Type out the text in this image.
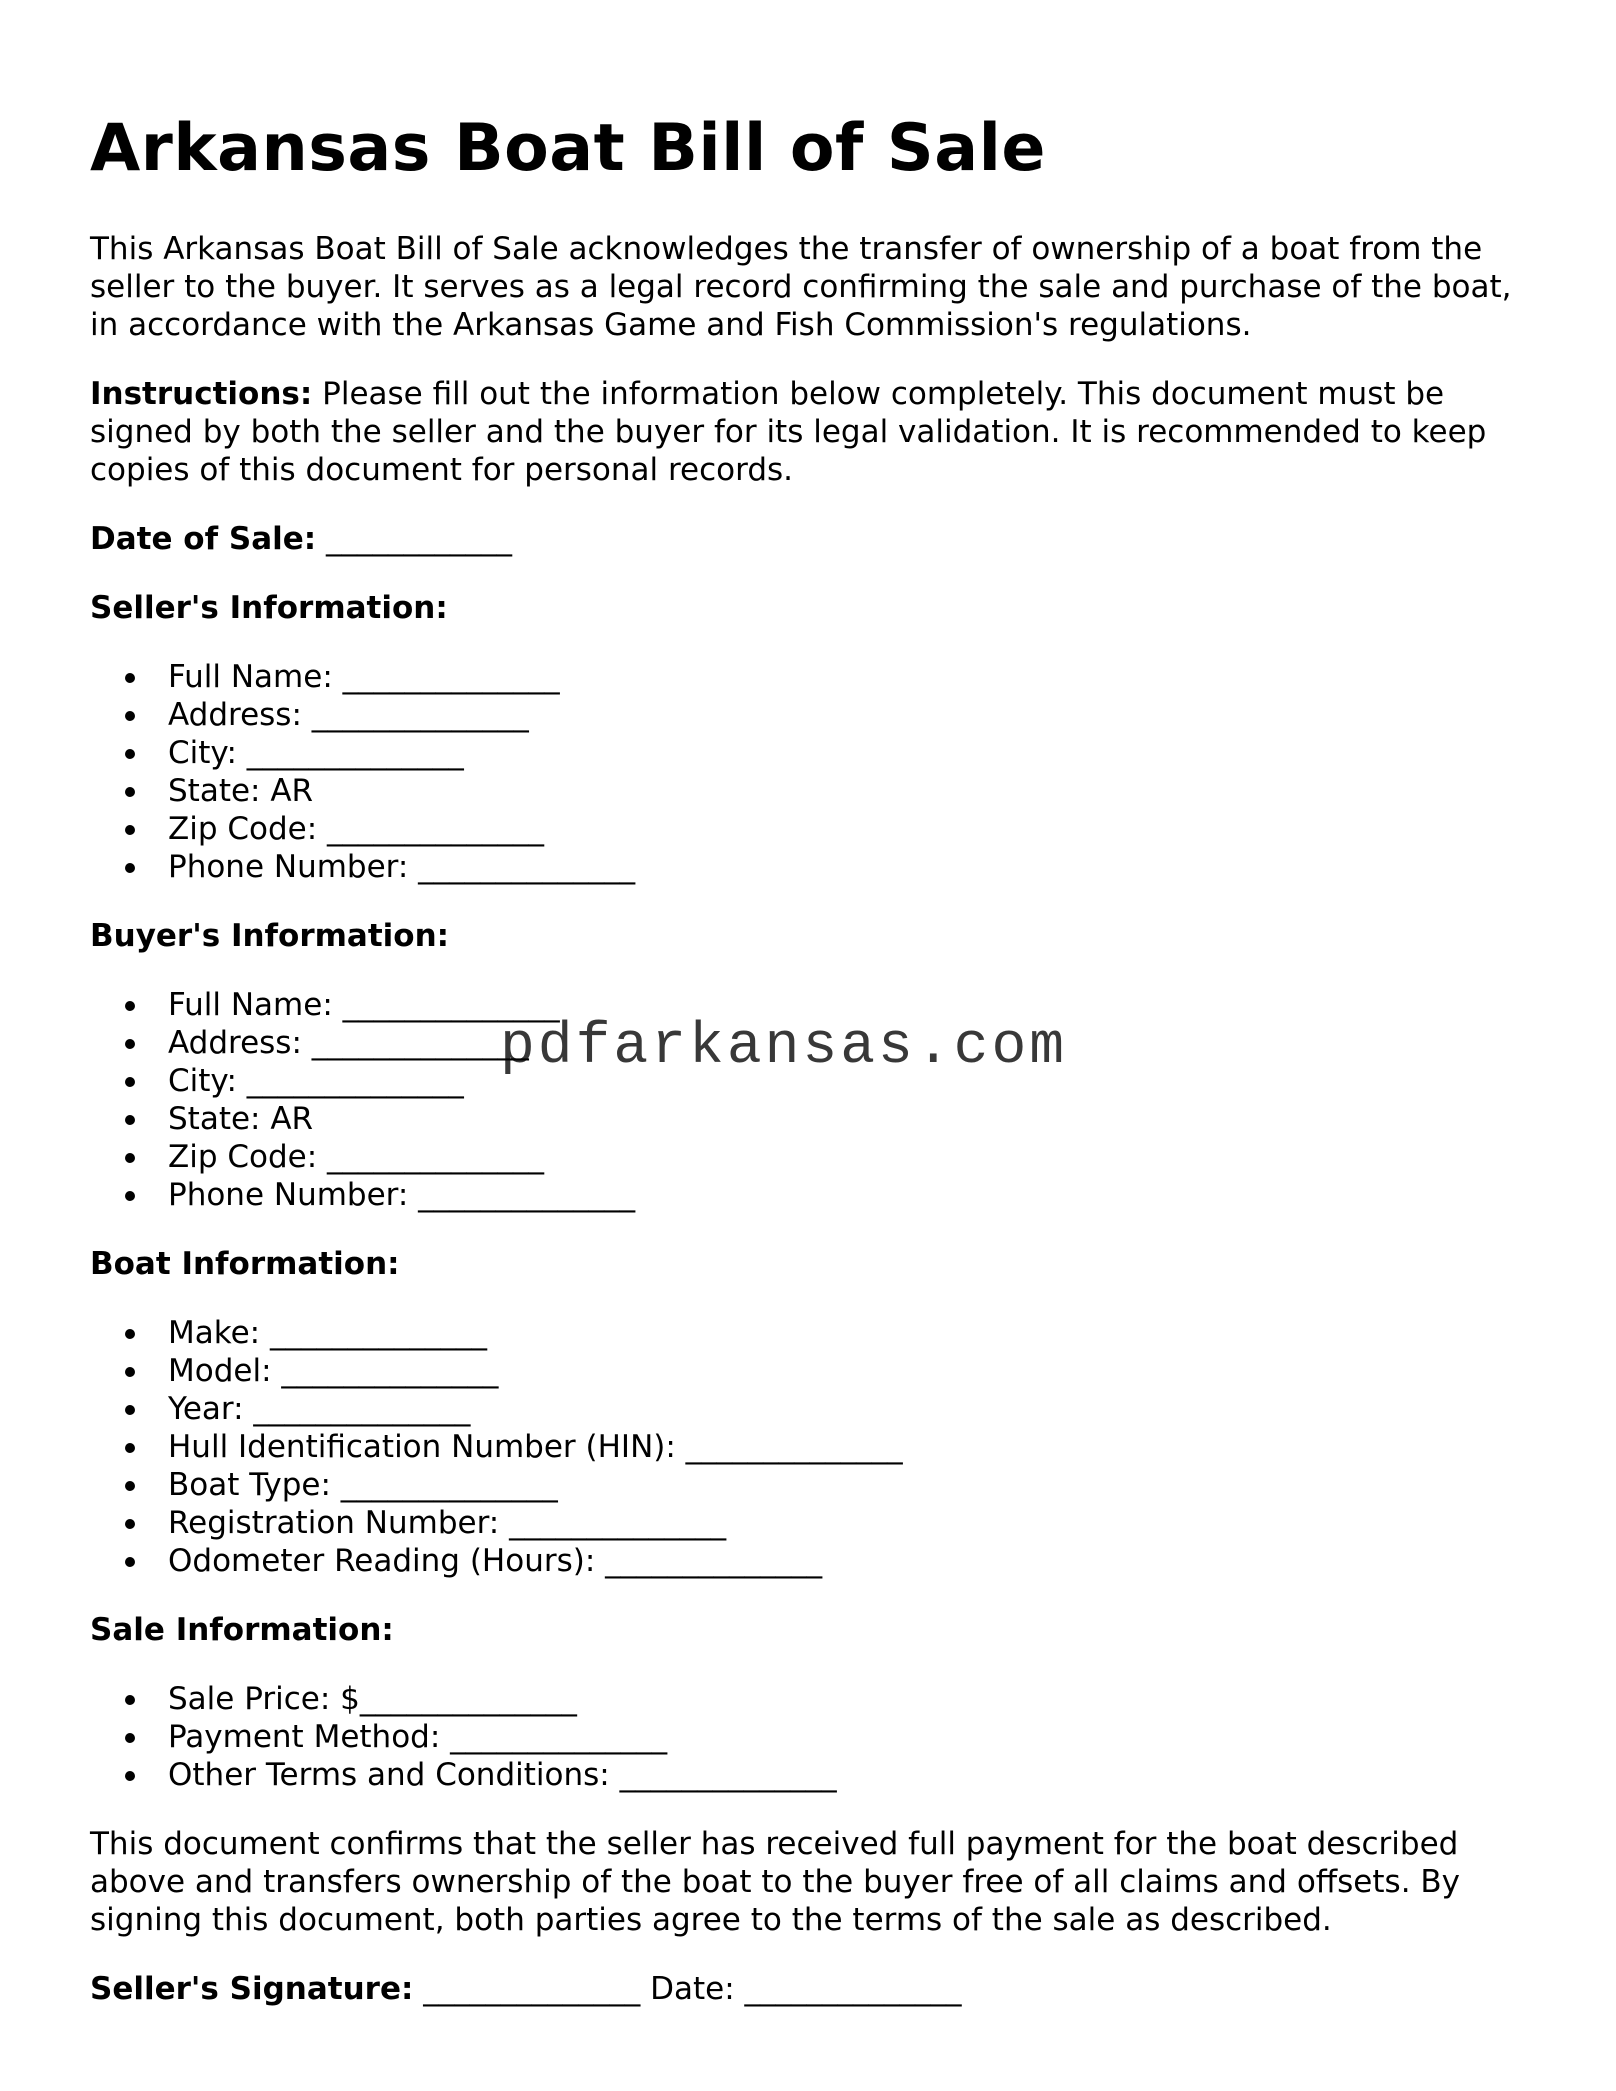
Arkansas Boat Bill of Sale

This Arkansas Boat Bill of Sale acknowledges the transfer of ownership of a boat from the seller to the buyer. It serves as a legal record confirming the sale and purchase of the boat, in accordance with the Arkansas Game and Fish Commission's regulations.

Instructions: Please fill out the information below completely. This document must be signed by both the seller and the buyer for its legal validation. It is recommended to keep copies of this document for personal records.

Date of Sale: ____________

Seller's Information:
Full Name: ______________
Address: ______________
City: ______________
State: AR
Zip Code: ______________
Phone Number: ______________
Buyer's Information:
Full Name: ______________
Address: ______________
City: ______________
State: AR
Zip Code: ______________
Phone Number: ______________
Boat Information:
Make: ______________
Model: ______________
Year: ______________
Hull Identification Number (HIN): ______________
Boat Type: ______________
Registration Number: ______________
Odometer Reading (Hours): ______________
Sale Information:
Sale Price: $______________
Payment Method: ______________
Other Terms and Conditions: ______________

This document confirms that the seller has received full payment for the boat described above and transfers ownership of the boat to the buyer free of all claims and offsets. By signing this document, both parties agree to the terms of the sale as described.

Seller's Signature: ______________ Date: ______________

pdfarkansas.com
